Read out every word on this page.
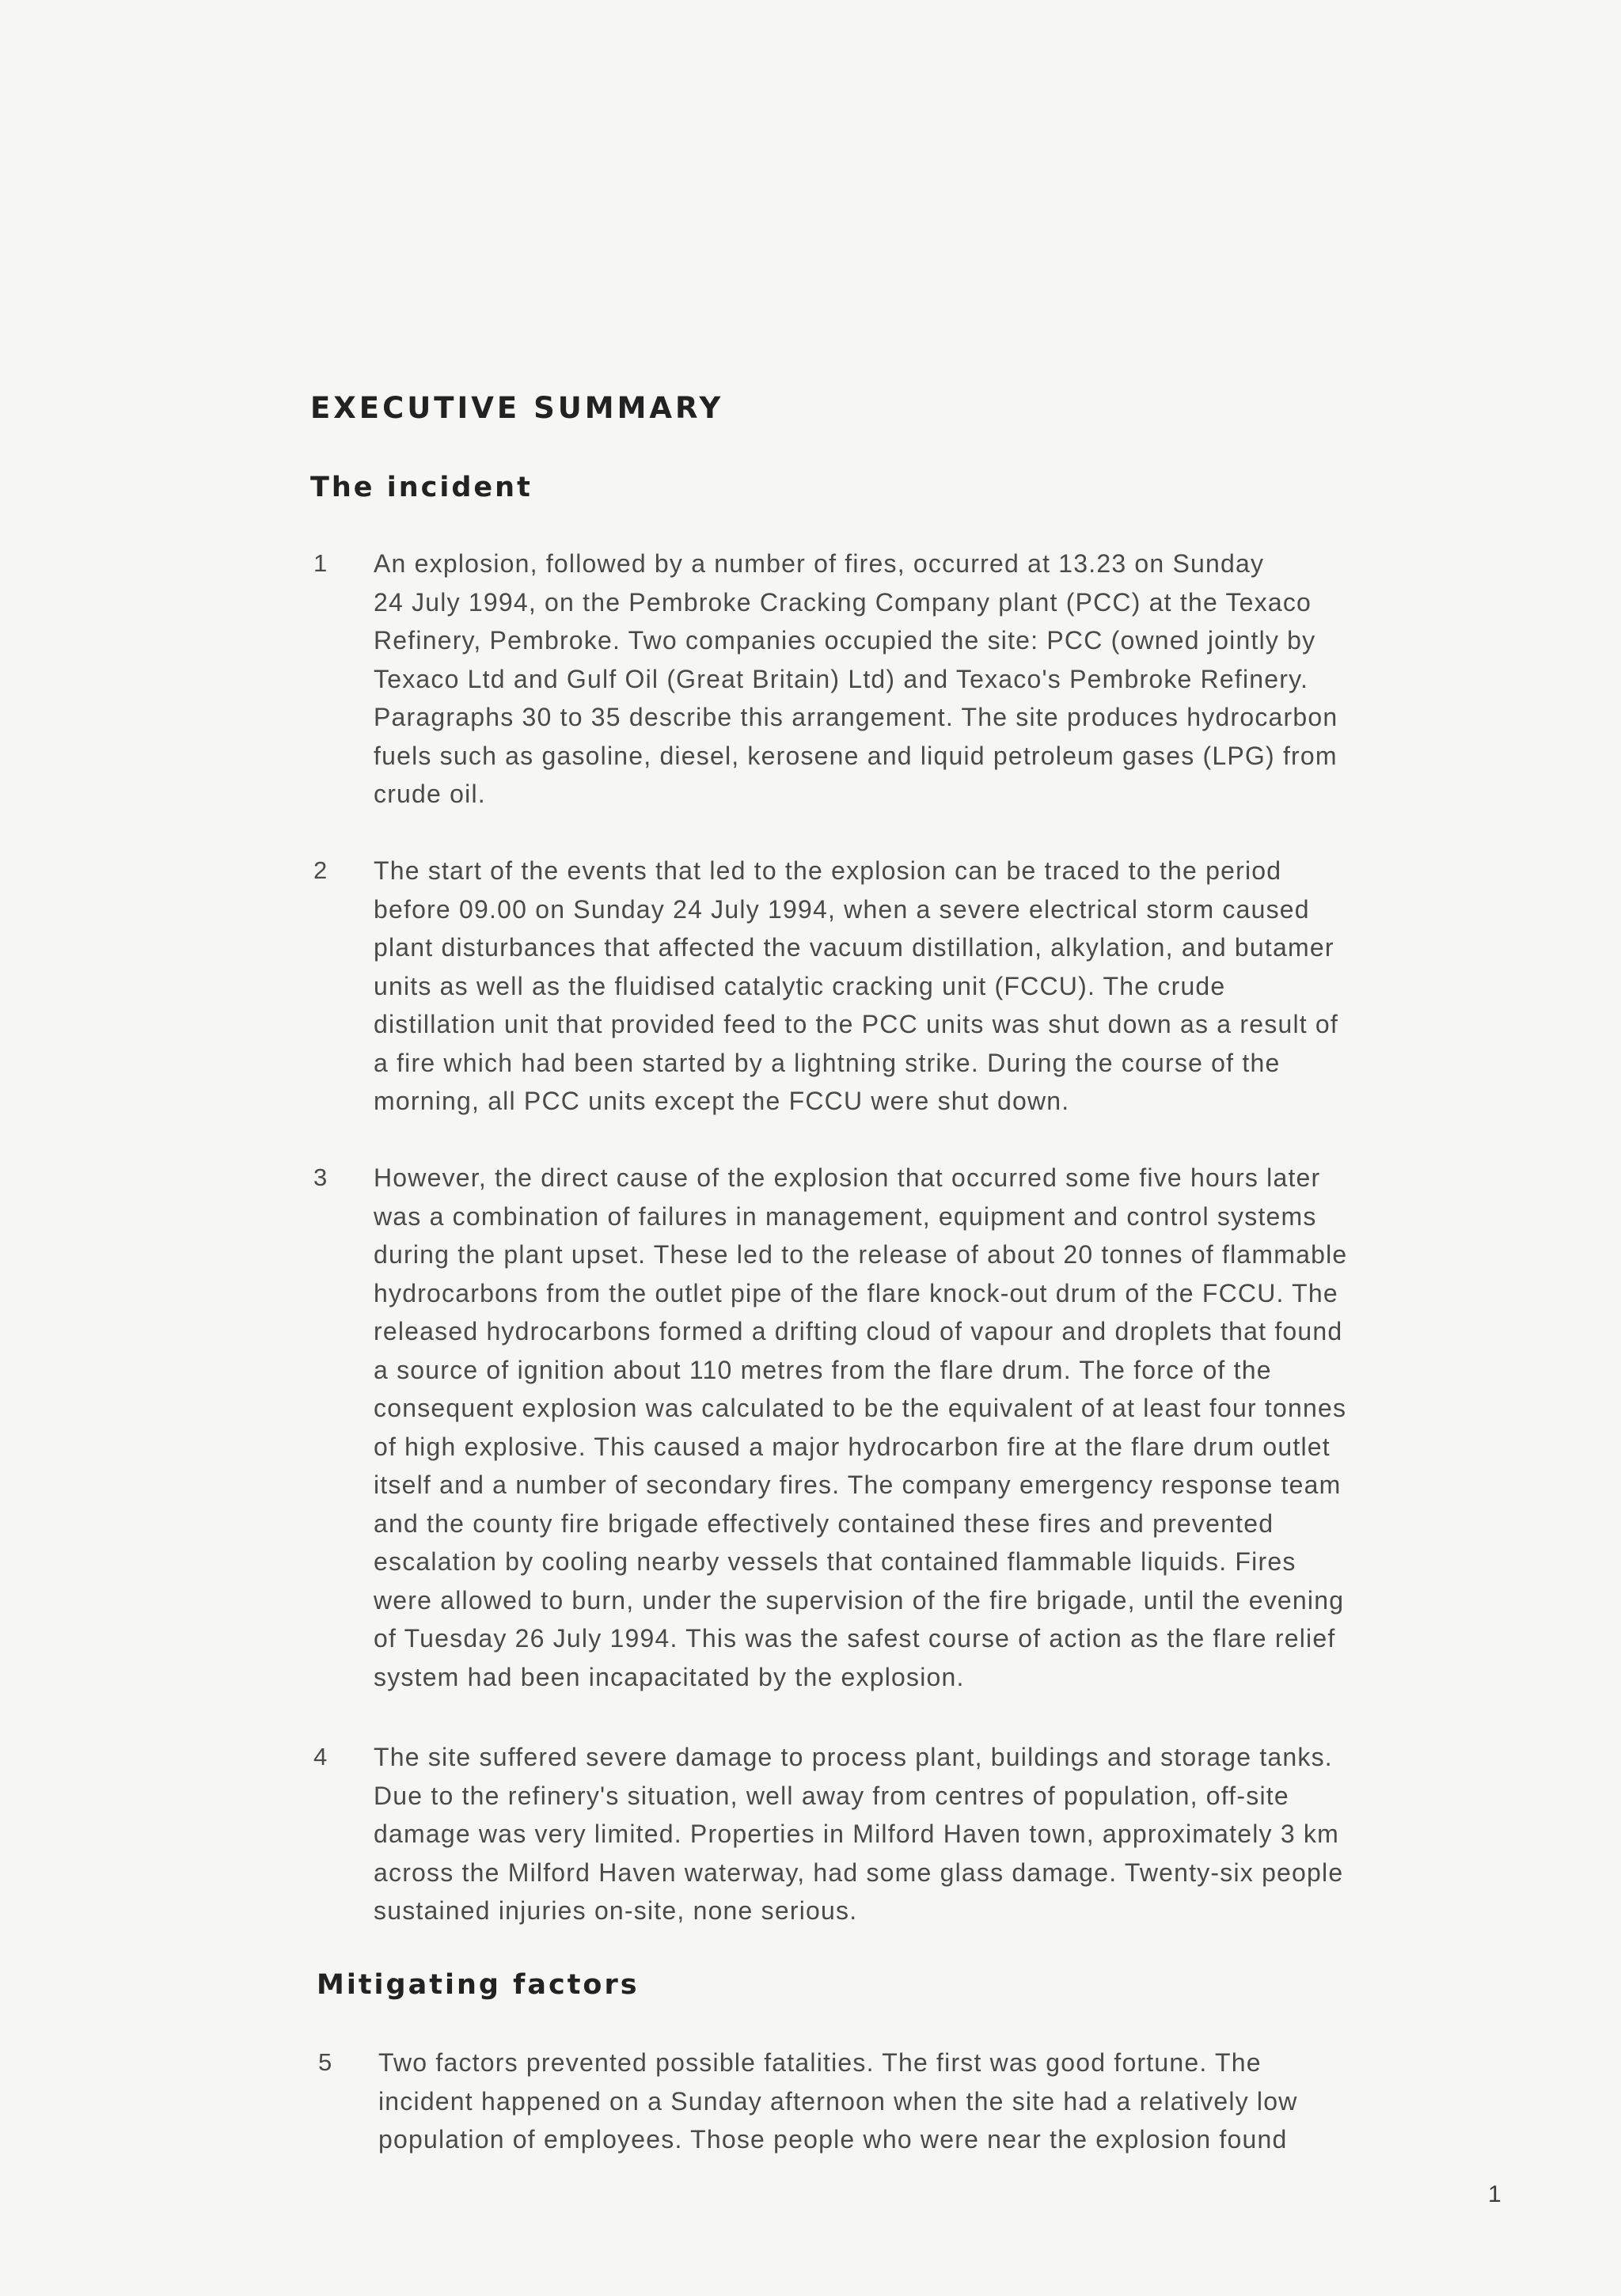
EXECUTIVE SUMMARY
The incident
1 An explosion, followed by a number of fires, occurred at 13.23 on Sunday
24 July 1994, on the Pembroke Cracking Company plant (PCC) at the Texaco
Refinery, Pembroke. Two companies occupied the site: PCC (owned jointly by
Texaco Ltd and Gulf Oil (Great Britain) Ltd) and Texaco's Pembroke Refinery.
Paragraphs 30 to 35 describe this arrangement. The site produces hydrocarbon
fuels such as gasoline, diesel, kerosene and liquid petroleum gases (LPG) from
crude oil.

2 The start of the events that led to the explosion can be traced to the period
before 09.00 on Sunday 24 July 1994, when a severe electrical storm caused
plant disturbances that affected the vacuum distillation, alkylation, and butamer
units as well as the fluidised catalytic cracking unit (FCCU). The crude
distillation unit that provided feed to the PCC units was shut down as a result of
a fire which had been started by a lightning strike. During the course of the
morning, all PCC units except the FCCU were shut down.

3 However, the direct cause of the explosion that occurred some five hours later
was a combination of failures in management, equipment and control systems
during the plant upset. These led to the release of about 20 tonnes of flammable
hydrocarbons from the outlet pipe of the flare knock-out drum of the FCCU. The
released hydrocarbons formed a drifting cloud of vapour and droplets that found
a source of ignition about 110 metres from the flare drum. The force of the
consequent explosion was calculated to be the equivalent of at least four tonnes
of high explosive. This caused a major hydrocarbon fire at the flare drum outlet
itself and a number of secondary fires. The company emergency response team
and the county fire brigade effectively contained these fires and prevented
escalation by cooling nearby vessels that contained flammable liquids. Fires
were allowed to burn, under the supervision of the fire brigade, until the evening
of Tuesday 26 July 1994. This was the safest course of action as the flare relief
system had been incapacitated by the explosion.

4 The site suffered severe damage to process plant, buildings and storage tanks.
Due to the refinery's situation, well away from centres of population, off-site
damage was very limited. Properties in Milford Haven town, approximately 3 km
across the Milford Haven waterway, had some glass damage. Twenty-six people
sustained injuries on-site, none serious.

Mitigating factors
5 Two factors prevented possible fatalities. The first was good fortune. The
incident happened on a Sunday afternoon when the site had a relatively low
population of employees. Those people who were near the explosion found

1
